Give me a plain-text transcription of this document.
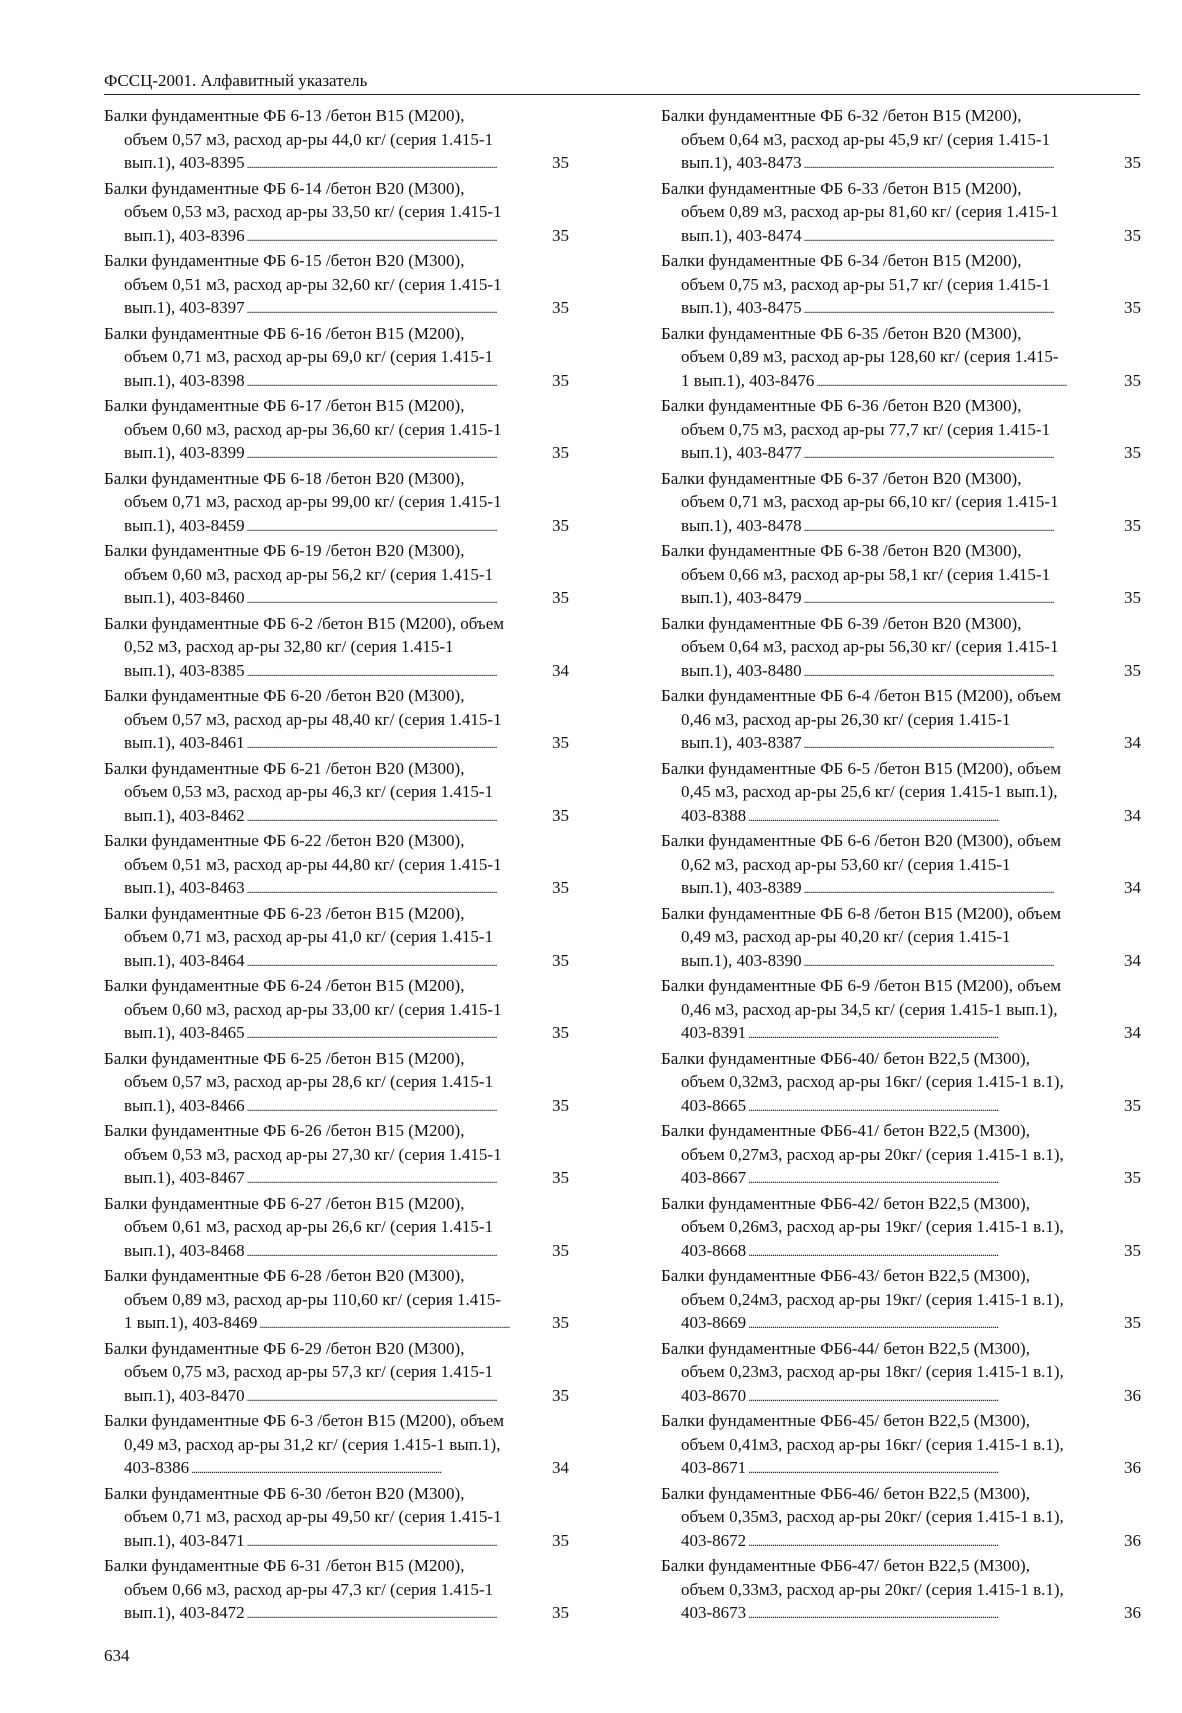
ФССЦ-2001. Алфавитный указатель
Балки фундаментные ФБ 6-13 /бетон B15 (M200),
объем 0,57 м3, расход ар-ры 44,0 кг/ (серия 1.415-1
вып.1), 403-8395 . . .	35
Балки фундаментные ФБ 6-14 /бетон B20 (M300),
объем 0,53 м3, расход ар-ры 33,50 кг/ (серия 1.415-1
вып.1), 403-8396 . . .	35
Балки фундаментные ФБ 6-15 /бетон B20 (M300),
объем 0,51 м3, расход ар-ры 32,60 кг/ (серия 1.415-1
вып.1), 403-8397 . . .	35
Балки фундаментные ФБ 6-16 /бетон B15 (M200),
объем 0,71 м3, расход ар-ры 69,0 кг/ (серия 1.415-1
вып.1), 403-8398 . . .	35
Балки фундаментные ФБ 6-17 /бетон B15 (M200),
объем 0,60 м3, расход ар-ры 36,60 кг/ (серия 1.415-1
вып.1), 403-8399 . . .	35
Балки фундаментные ФБ 6-18 /бетон B20 (M300),
объем 0,71 м3, расход ар-ры 99,00 кг/ (серия 1.415-1
вып.1), 403-8459 . . .	35
Балки фундаментные ФБ 6-19 /бетон B20 (M300),
объем 0,60 м3, расход ар-ры 56,2 кг/ (серия 1.415-1
вып.1), 403-8460 . . .	35
Балки фундаментные ФБ 6-2 /бетон B15 (M200), объем
0,52 м3, расход ар-ры 32,80 кг/ (серия 1.415-1
вып.1), 403-8385 . . .	34
Балки фундаментные ФБ 6-20 /бетон B20 (M300),
объем 0,57 м3, расход ар-ры 48,40 кг/ (серия 1.415-1
вып.1), 403-8461 . . .	35
Балки фундаментные ФБ 6-21 /бетон B20 (M300),
объем 0,53 м3, расход ар-ры 46,3 кг/ (серия 1.415-1
вып.1), 403-8462 . . .	35
Балки фундаментные ФБ 6-22 /бетон B20 (M300),
объем 0,51 м3, расход ар-ры 44,80 кг/ (серия 1.415-1
вып.1), 403-8463 . . .	35
Балки фундаментные ФБ 6-23 /бетон B15 (M200),
объем 0,71 м3, расход ар-ры 41,0 кг/ (серия 1.415-1
вып.1), 403-8464 . . .	35
Балки фундаментные ФБ 6-24 /бетон B15 (M200),
объем 0,60 м3, расход ар-ры 33,00 кг/ (серия 1.415-1
вып.1), 403-8465 . . .	35
Балки фундаментные ФБ 6-25 /бетон B15 (M200),
объем 0,57 м3, расход ар-ры 28,6 кг/ (серия 1.415-1
вып.1), 403-8466 . . .	35
Балки фундаментные ФБ 6-26 /бетон B15 (M200),
объем 0,53 м3, расход ар-ры 27,30 кг/ (серия 1.415-1
вып.1), 403-8467 . . .	35
Балки фундаментные ФБ 6-27 /бетон B15 (M200),
объем 0,61 м3, расход ар-ры 26,6 кг/ (серия 1.415-1
вып.1), 403-8468 . . .	35
Балки фундаментные ФБ 6-28 /бетон B20 (M300),
объем 0,89 м3, расход ар-ры 110,60 кг/ (серия 1.415-
1 вып.1), 403-8469 . . .	35
Балки фундаментные ФБ 6-29 /бетон B20 (M300),
объем 0,75 м3, расход ар-ры 57,3 кг/ (серия 1.415-1
вып.1), 403-8470 . . .	35
Балки фундаментные ФБ 6-3 /бетон B15 (M200), объем
0,49 м3, расход ар-ры 31,2 кг/ (серия 1.415-1 вып.1),
403-8386 . . .	34
Балки фундаментные ФБ 6-30 /бетон B20 (M300),
объем 0,71 м3, расход ар-ры 49,50 кг/ (серия 1.415-1
вып.1), 403-8471 . . .	35
Балки фундаментные ФБ 6-31 /бетон B15 (M200),
объем 0,66 м3, расход ар-ры 47,3 кг/ (серия 1.415-1
вып.1), 403-8472 . . .	35
Балки фундаментные ФБ 6-32 /бетон B15 (M200),
объем 0,64 м3, расход ар-ры 45,9 кг/ (серия 1.415-1
вып.1), 403-8473 . . .	35
Балки фундаментные ФБ 6-33 /бетон B15 (M200),
объем 0,89 м3, расход ар-ры 81,60 кг/ (серия 1.415-1
вып.1), 403-8474 . . .	35
Балки фундаментные ФБ 6-34 /бетон B15 (M200),
объем 0,75 м3, расход ар-ры 51,7 кг/ (серия 1.415-1
вып.1), 403-8475 . . .	35
Балки фундаментные ФБ 6-35 /бетон B20 (M300),
объем 0,89 м3, расход ар-ры 128,60 кг/ (серия 1.415-
1 вып.1), 403-8476 . . .	35
Балки фундаментные ФБ 6-36 /бетон B20 (M300),
объем 0,75 м3, расход ар-ры 77,7 кг/ (серия 1.415-1
вып.1), 403-8477 . . .	35
Балки фундаментные ФБ 6-37 /бетон B20 (M300),
объем 0,71 м3, расход ар-ры 66,10 кг/ (серия 1.415-1
вып.1), 403-8478 . . .	35
Балки фундаментные ФБ 6-38 /бетон B20 (M300),
объем 0,66 м3, расход ар-ры 58,1 кг/ (серия 1.415-1
вып.1), 403-8479 . . .	35
Балки фундаментные ФБ 6-39 /бетон B20 (M300),
объем 0,64 м3, расход ар-ры 56,30 кг/ (серия 1.415-1
вып.1), 403-8480 . . .	35
Балки фундаментные ФБ 6-4 /бетон B15 (M200), объем
0,46 м3, расход ар-ры 26,30 кг/ (серия 1.415-1
вып.1), 403-8387 . . .	34
Балки фундаментные ФБ 6-5 /бетон B15 (M200), объем
0,45 м3, расход ар-ры 25,6 кг/ (серия 1.415-1 вып.1),
403-8388 . . .	34
Балки фундаментные ФБ 6-6 /бетон B20 (M300), объем
0,62 м3, расход ар-ры 53,60 кг/ (серия 1.415-1
вып.1), 403-8389 . . .	34
Балки фундаментные ФБ 6-8 /бетон B15 (M200), объем
0,49 м3, расход ар-ры 40,20 кг/ (серия 1.415-1
вып.1), 403-8390 . . .	34
Балки фундаментные ФБ 6-9 /бетон B15 (M200), объем
0,46 м3, расход ар-ры 34,5 кг/ (серия 1.415-1 вып.1),
403-8391 . . .	34
Балки фундаментные ФБ6-40/ бетон B22,5 (M300),
объем 0,32м3, расход ар-ры 16кг/ (серия 1.415-1 в.1),
403-8665 . . .	35
Балки фундаментные ФБ6-41/ бетон B22,5 (M300),
объем 0,27м3, расход ар-ры 20кг/ (серия 1.415-1 в.1),
403-8667 . . .	35
Балки фундаментные ФБ6-42/ бетон B22,5 (M300),
объем 0,26м3, расход ар-ры 19кг/ (серия 1.415-1 в.1),
403-8668 . . .	35
Балки фундаментные ФБ6-43/ бетон B22,5 (M300),
объем 0,24м3, расход ар-ры 19кг/ (серия 1.415-1 в.1),
403-8669 . . .	35
Балки фундаментные ФБ6-44/ бетон B22,5 (M300),
объем 0,23м3, расход ар-ры 18кг/ (серия 1.415-1 в.1),
403-8670 . . .	36
Балки фундаментные ФБ6-45/ бетон B22,5 (M300),
объем 0,41м3, расход ар-ры 16кг/ (серия 1.415-1 в.1),
403-8671 . . .	36
Балки фундаментные ФБ6-46/ бетон B22,5 (M300),
объем 0,35м3, расход ар-ры 20кг/ (серия 1.415-1 в.1),
403-8672 . . .	36
Балки фундаментные ФБ6-47/ бетон B22,5 (M300),
объем 0,33м3, расход ар-ры 20кг/ (серия 1.415-1 в.1),
403-8673 . . .	36
634
